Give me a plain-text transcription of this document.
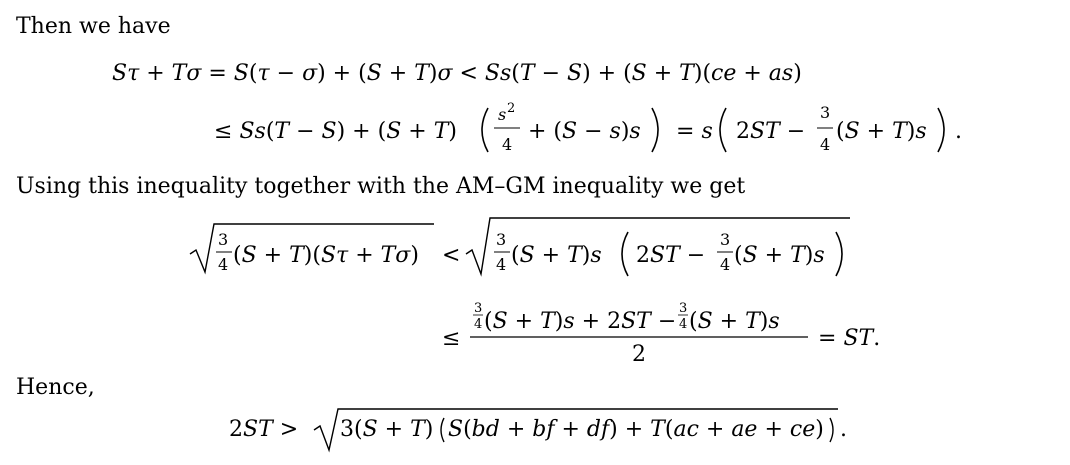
Then we have
Using this inequality together with the AM–GM inequality we get
Hence,
Sτ + Tσ = S(τ − σ) + (S + T)σ < Ss(T − S) + (S + T)(ce + as)
≤ Ss(T − S) + (S + T)
s 2
4
+ (S − s)s = s 2ST −
3
4
(S + T)s .
3
4 (S + T)(Sτ + Tσ) <
3
4 (S + T)s 2ST −
3
4 (S + T)s
≤
3
4 (S + T)s + 2ST −
3
4 (S + T)s
2
= ST.
2ST > 3(S + T) S(bd + bf + df) + T(ac + ae + ce) .
